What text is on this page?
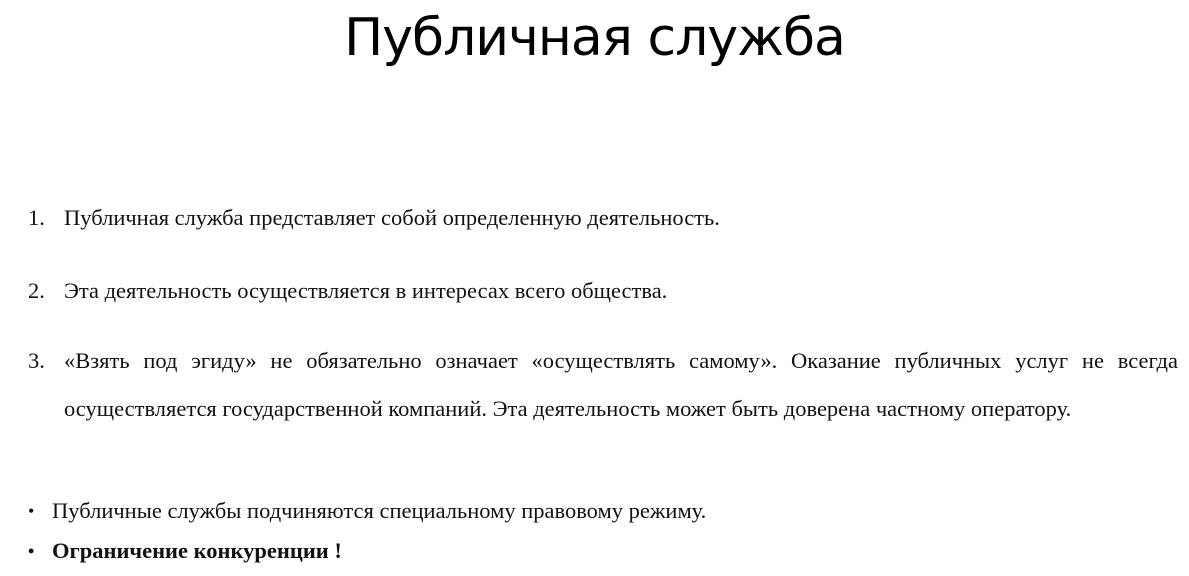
Публичная служба
1. Публичная служба представляет собой определенную деятельность.
2. Эта деятельность осуществляется в интересах всего общества.
3. «Взять под эгиду» не обязательно означает «осуществлять самому». Оказание публичных услуг не всегда осуществляется государственной компаний. Эта деятельность может быть доверена частному оператору.
• Публичные службы подчиняются специальному правовому режиму.
• Ограничение конкуренции !
